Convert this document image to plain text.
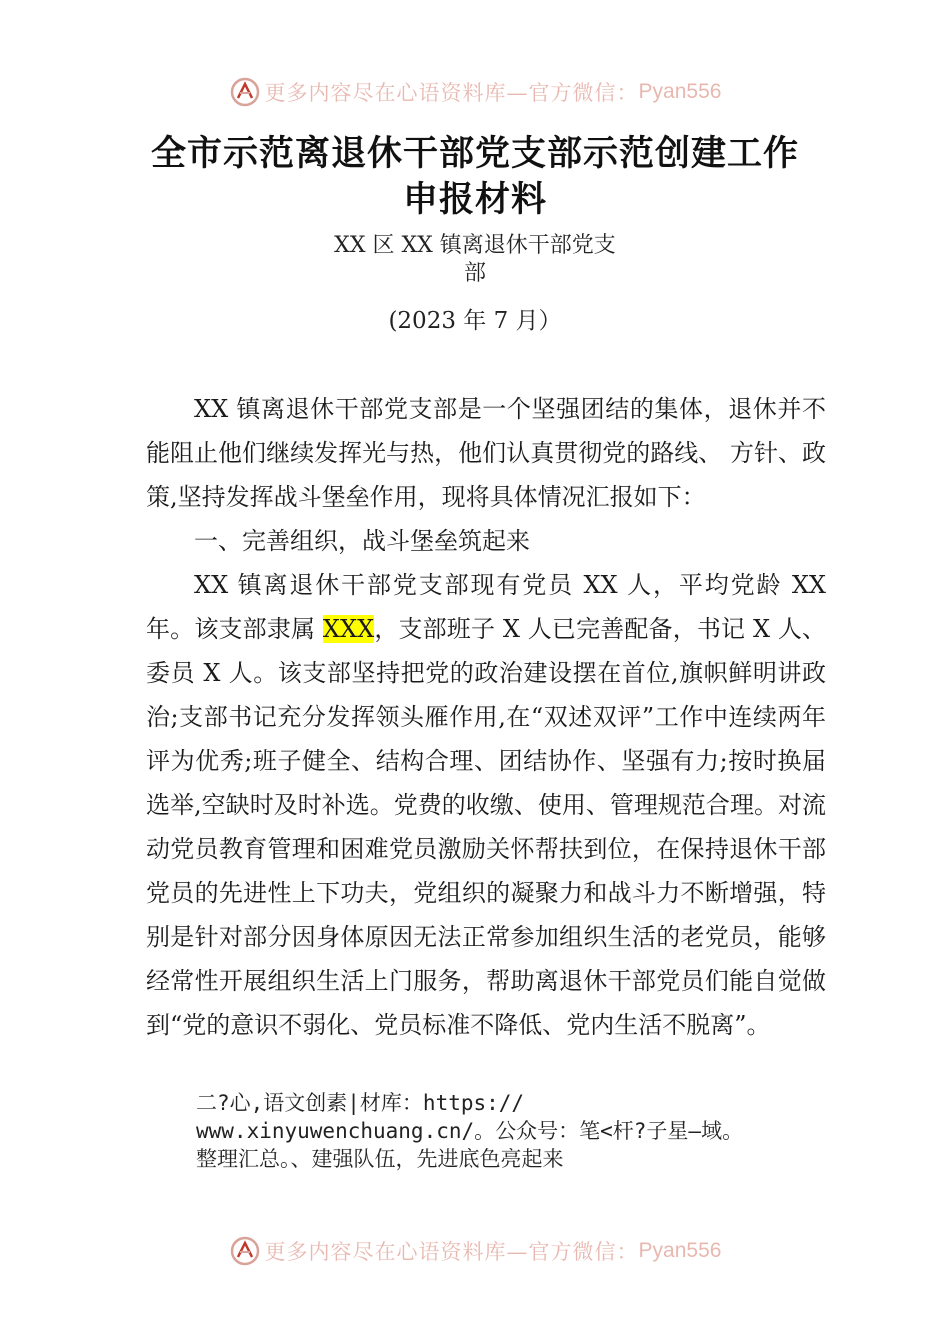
更多内容尽在心语资料库—官方微信： Pyan556
全市示范离退休干部党支部示范创建工作
申报材料
XX 区 XX 镇离退休干部党支
部
(2023 年 7 月）

XX 镇离退休干部党支部是一个坚强团结的集体，退休并不能阻止他们继续发挥光与热，他们认真贯彻党的路线、 方针、政策,坚持发挥战斗堡垒作用，现将具体情况汇报如下：

一、完善组织，战斗堡垒筑起来

XX 镇离退休干部党支部现有党员 XX 人，平均党龄 XX 年。该支部隶属 XXX，支部班子 X 人已完善配备，书记 X 人、委员 X 人。该支部坚持把党的政治建设摆在首位,旗帜鲜明讲政治;支部书记充分发挥领头雁作用,在“双述双评”工作中连续两年评为优秀;班子健全、结构合理、团结协作、坚强有力;按时换届选举,空缺时及时补选。党费的收缴、使用、管理规范合理。对流动党员教育管理和困难党员激励关怀帮扶到位，在保持退休干部党员的先进性上下功夫，党组织的凝聚力和战斗力不断增强，特别是针对部分因身体原因无法正常参加组织生活的老党员，能够经常性开展组织生活上门服务，帮助离退休干部党员们能自觉做到“党的意识不弱化、党员标准不降低、党内生活不脱离”。

二?心,语文创素|材库：https://
www.xinyuwenchuang.cn/。公众号：笔<杆?子星—域。
整理汇总。、建强队伍，先进底色亮起来
更多内容尽在心语资料库—官方微信： Pyan556
